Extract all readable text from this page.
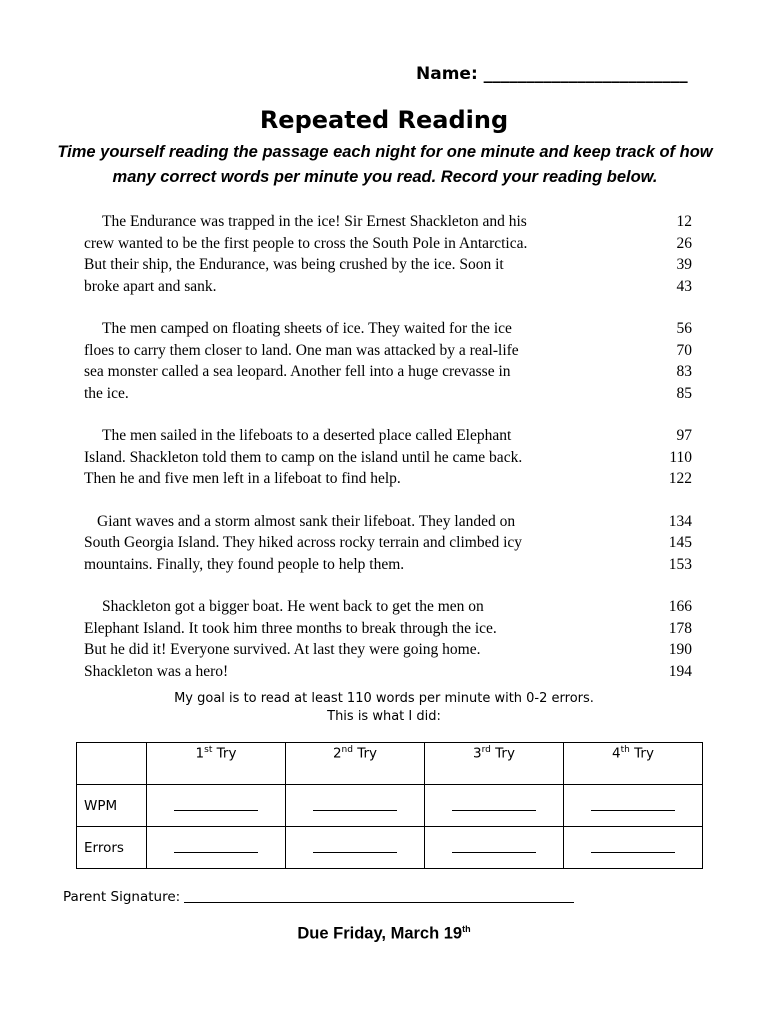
Name: ________________________
Repeated Reading
Time yourself reading the passage each night for one minute and keep track of how many correct words per minute you read. Record your reading below.
The Endurance was trapped in the ice! Sir Ernest Shackleton and his	12
crew wanted to be the first people to cross the South Pole in Antarctica.	26
But their ship, the Endurance, was being crushed by the ice. Soon it	39
broke apart and sank.	43
The men camped on floating sheets of ice. They waited for the ice	56
floes to carry them closer to land. One man was attacked by a real-life	70
sea monster called a sea leopard. Another fell into a huge crevasse in	83
the ice.	85
The men sailed in the lifeboats to a deserted place called Elephant	97
Island. Shackleton told them to camp on the island until he came back.	110
Then he and five men left in a lifeboat to find help.	122
Giant waves and a storm almost sank their lifeboat. They landed on	134
South Georgia Island. They hiked across rocky terrain and climbed icy	145
mountains. Finally, they found people to help them.	153
Shackleton got a bigger boat. He went back to get the men on	166
Elephant Island. It took him three months to break through the ice.	178
But he did it! Everyone survived. At last they were going home.	190
Shackleton was a hero!	194
My goal is to read at least 110 words per minute with 0-2 errors.
This is what I did:
	1st Try	2nd Try	3rd Try	4th Try
WPM				
Errors				
Parent Signature:
Due Friday, March 19th
